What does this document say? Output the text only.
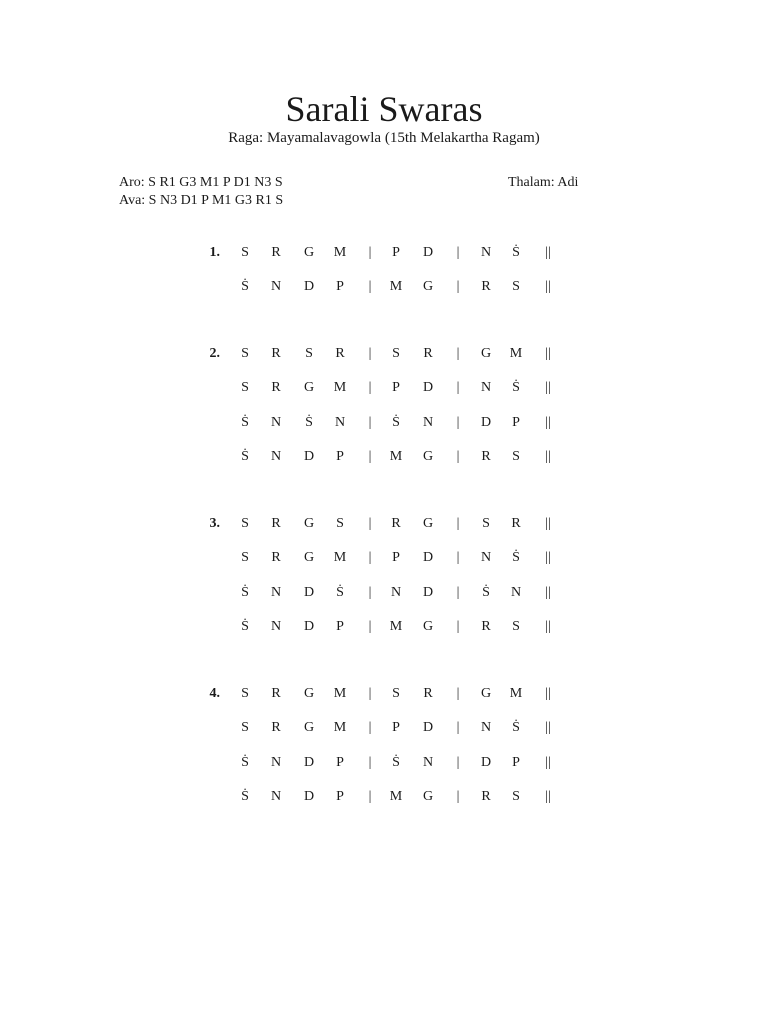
Sarali Swaras
Raga: Mayamalavagowla (15th Melakartha Ragam)
Aro: S R1 G3 M1 P D1 N3 S
Ava: S N3 D1 P M1 G3 R1 S
Thalam: Adi
1.	S	R	G	M	|	P	D	|	N	Ṡ	||
Ṡ	N	D	P	|	M	G	|	R	S	||
2.	S	R	S	R	|	S	R	|	G	M	||
S	R	G	M	|	P	D	|	N	Ṡ	||
Ṡ	N	Ṡ	N	|	Ṡ	N	|	D	P	||
Ṡ	N	D	P	|	M	G	|	R	S	||
3.	S	R	G	S	|	R	G	|	S	R	||
S	R	G	M	|	P	D	|	N	Ṡ	||
Ṡ	N	D	Ṡ	|	N	D	|	Ṡ	N	||
Ṡ	N	D	P	|	M	G	|	R	S	||
4.	S	R	G	M	|	S	R	|	G	M	||
S	R	G	M	|	P	D	|	N	Ṡ	||
Ṡ	N	D	P	|	Ṡ	N	|	D	P	||
Ṡ	N	D	P	|	M	G	|	R	S	||
